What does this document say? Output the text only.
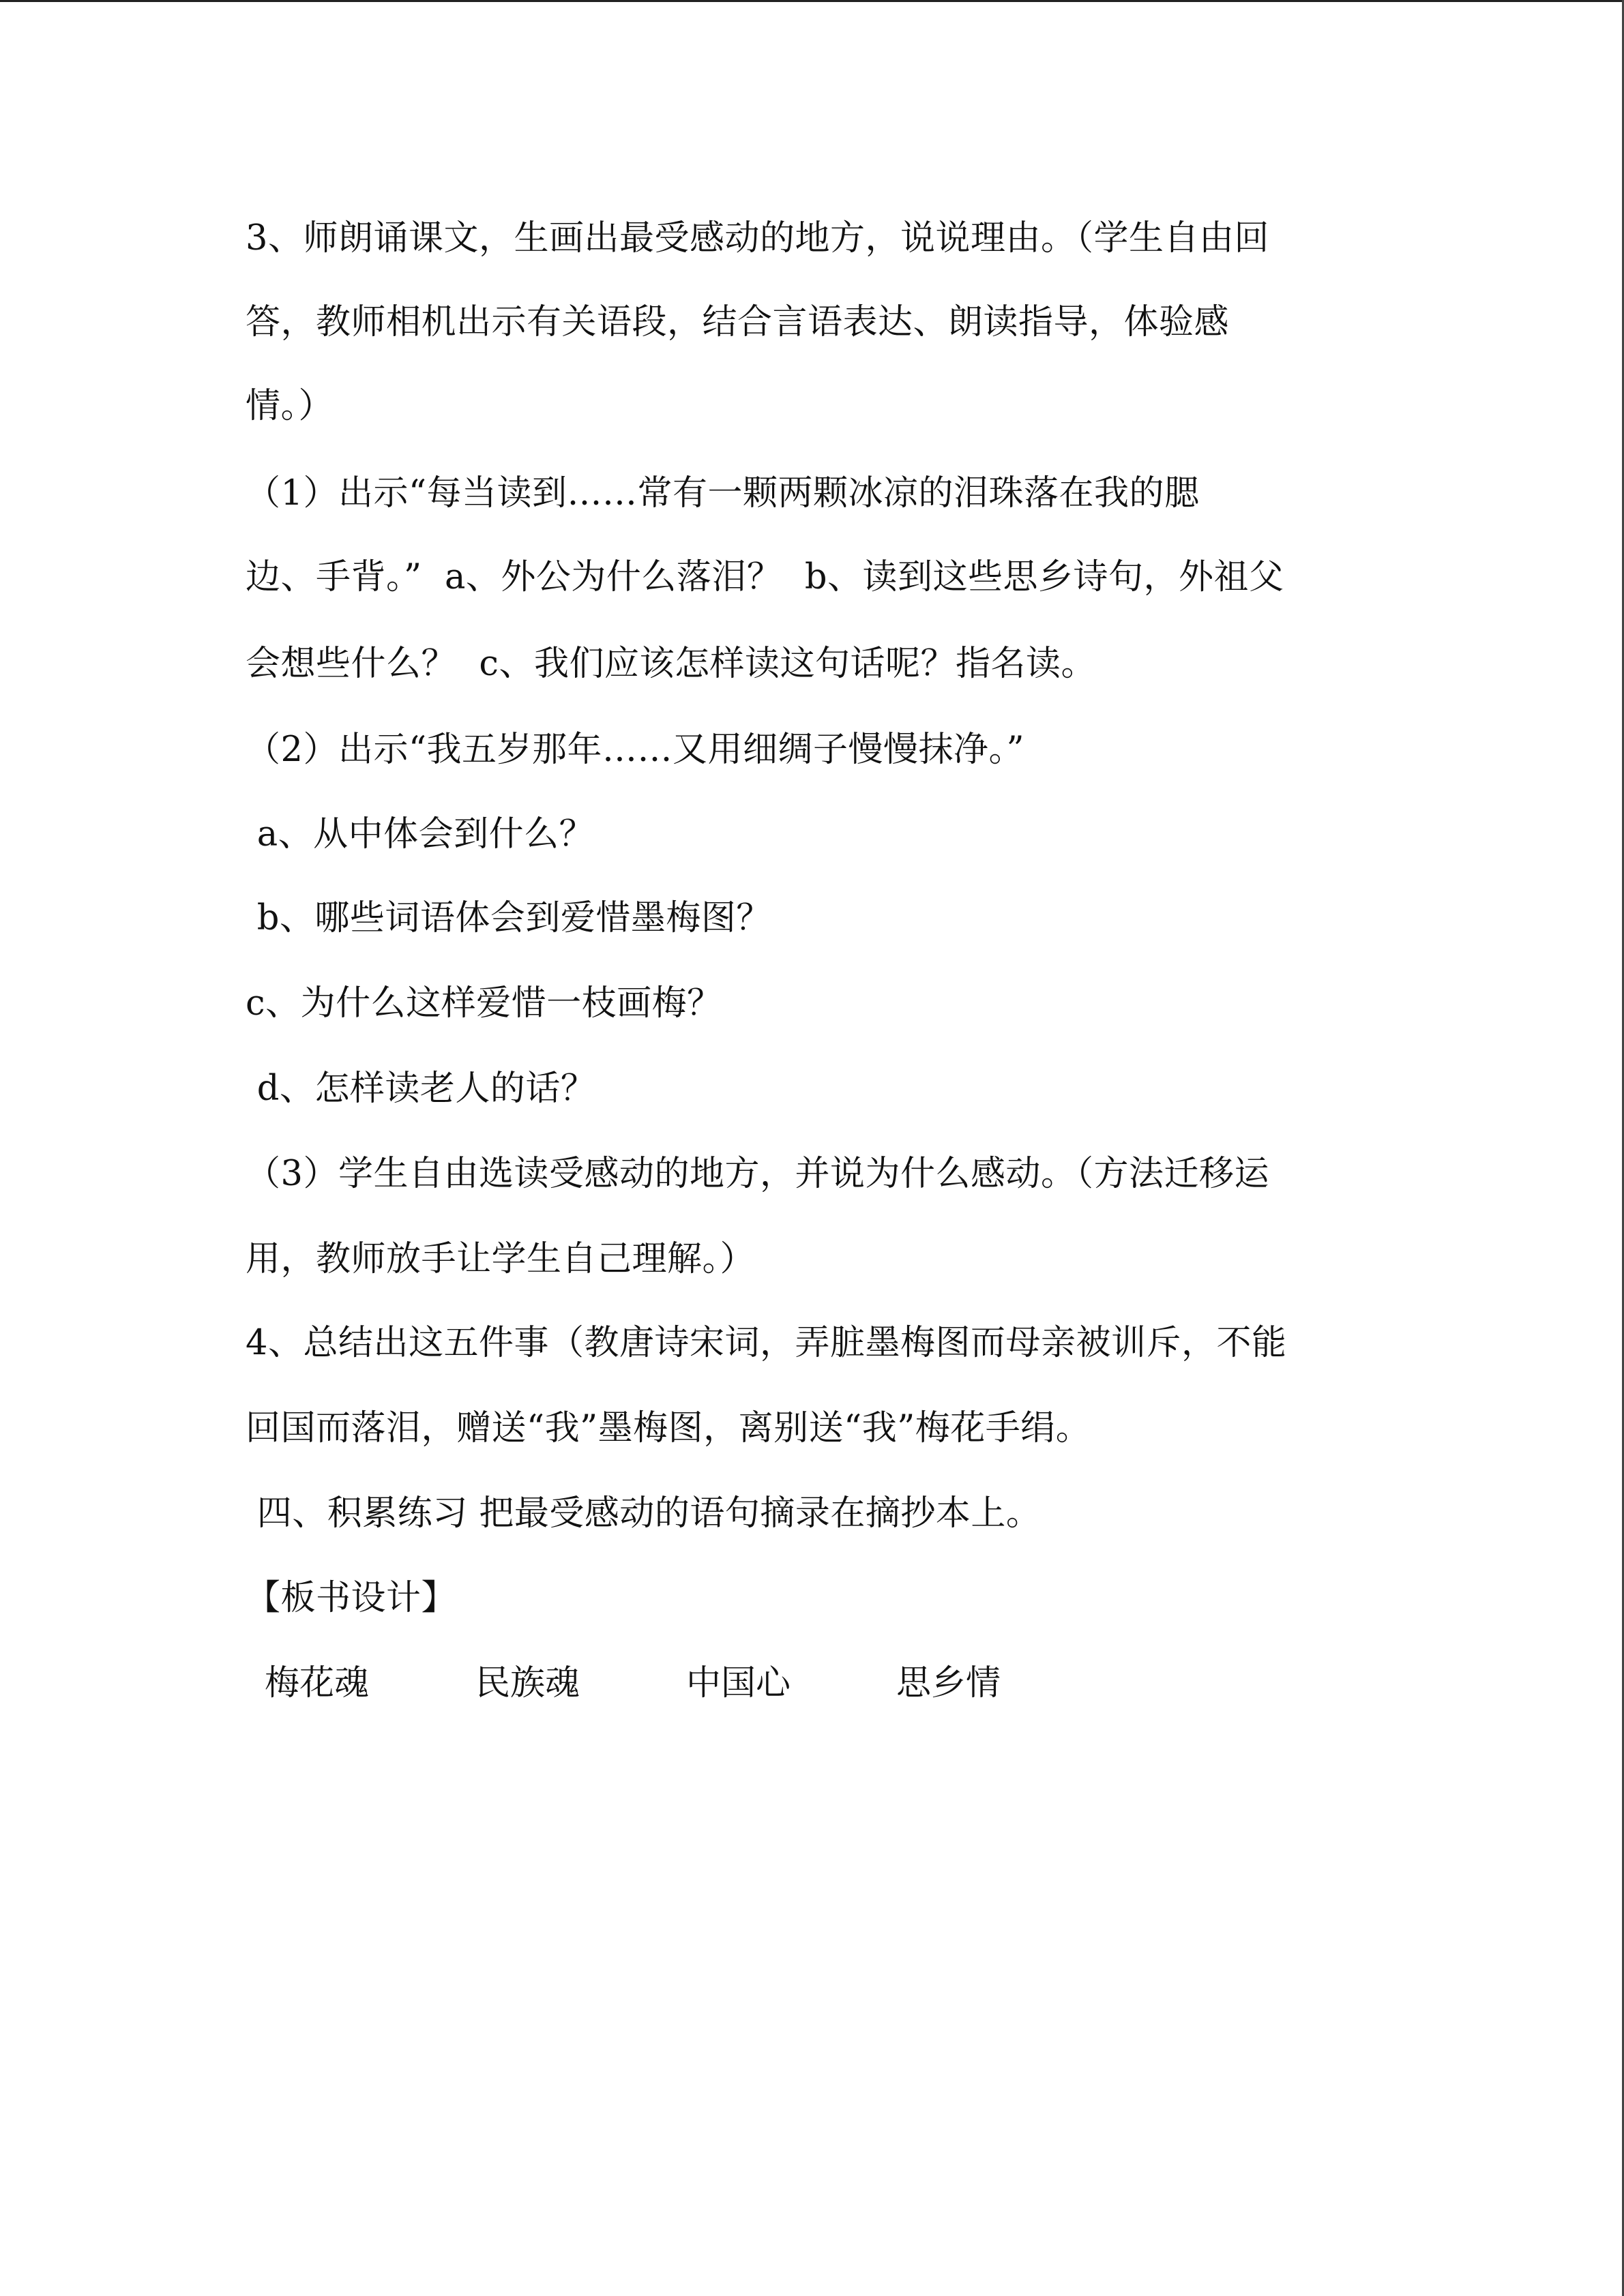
3、师朗诵课文，生画出最受感动的地方，说说理由。（学生自由回
答，教师相机出示有关语段，结合言语表达、朗读指导，体验感
情。）
（1）出示“每当读到……常有一颗两颗冰凉的泪珠落在我的腮
边、手背。”  a、外公为什么落泪？  b、读到这些思乡诗句，外祖父
会想些什么？  c、我们应该怎样读这句话呢？指名读。
（2）出示“我五岁那年……又用细绸子慢慢抹净。”
a、从中体会到什么？
b、哪些词语体会到爱惜墨梅图？
c、为什么这样爱惜一枝画梅？
d、怎样读老人的话？
（3）学生自由选读受感动的地方，并说为什么感动。（方法迁移运
用，教师放手让学生自己理解。）
4、总结出这五件事（教唐诗宋词，弄脏墨梅图而母亲被训斥，不能
回国而落泪，赠送“我”墨梅图，离别送“我”梅花手绢。
四、积累练习 把最受感动的语句摘录在摘抄本上。
【板书设计】
梅花魂	民族魂	中国心	思乡情
